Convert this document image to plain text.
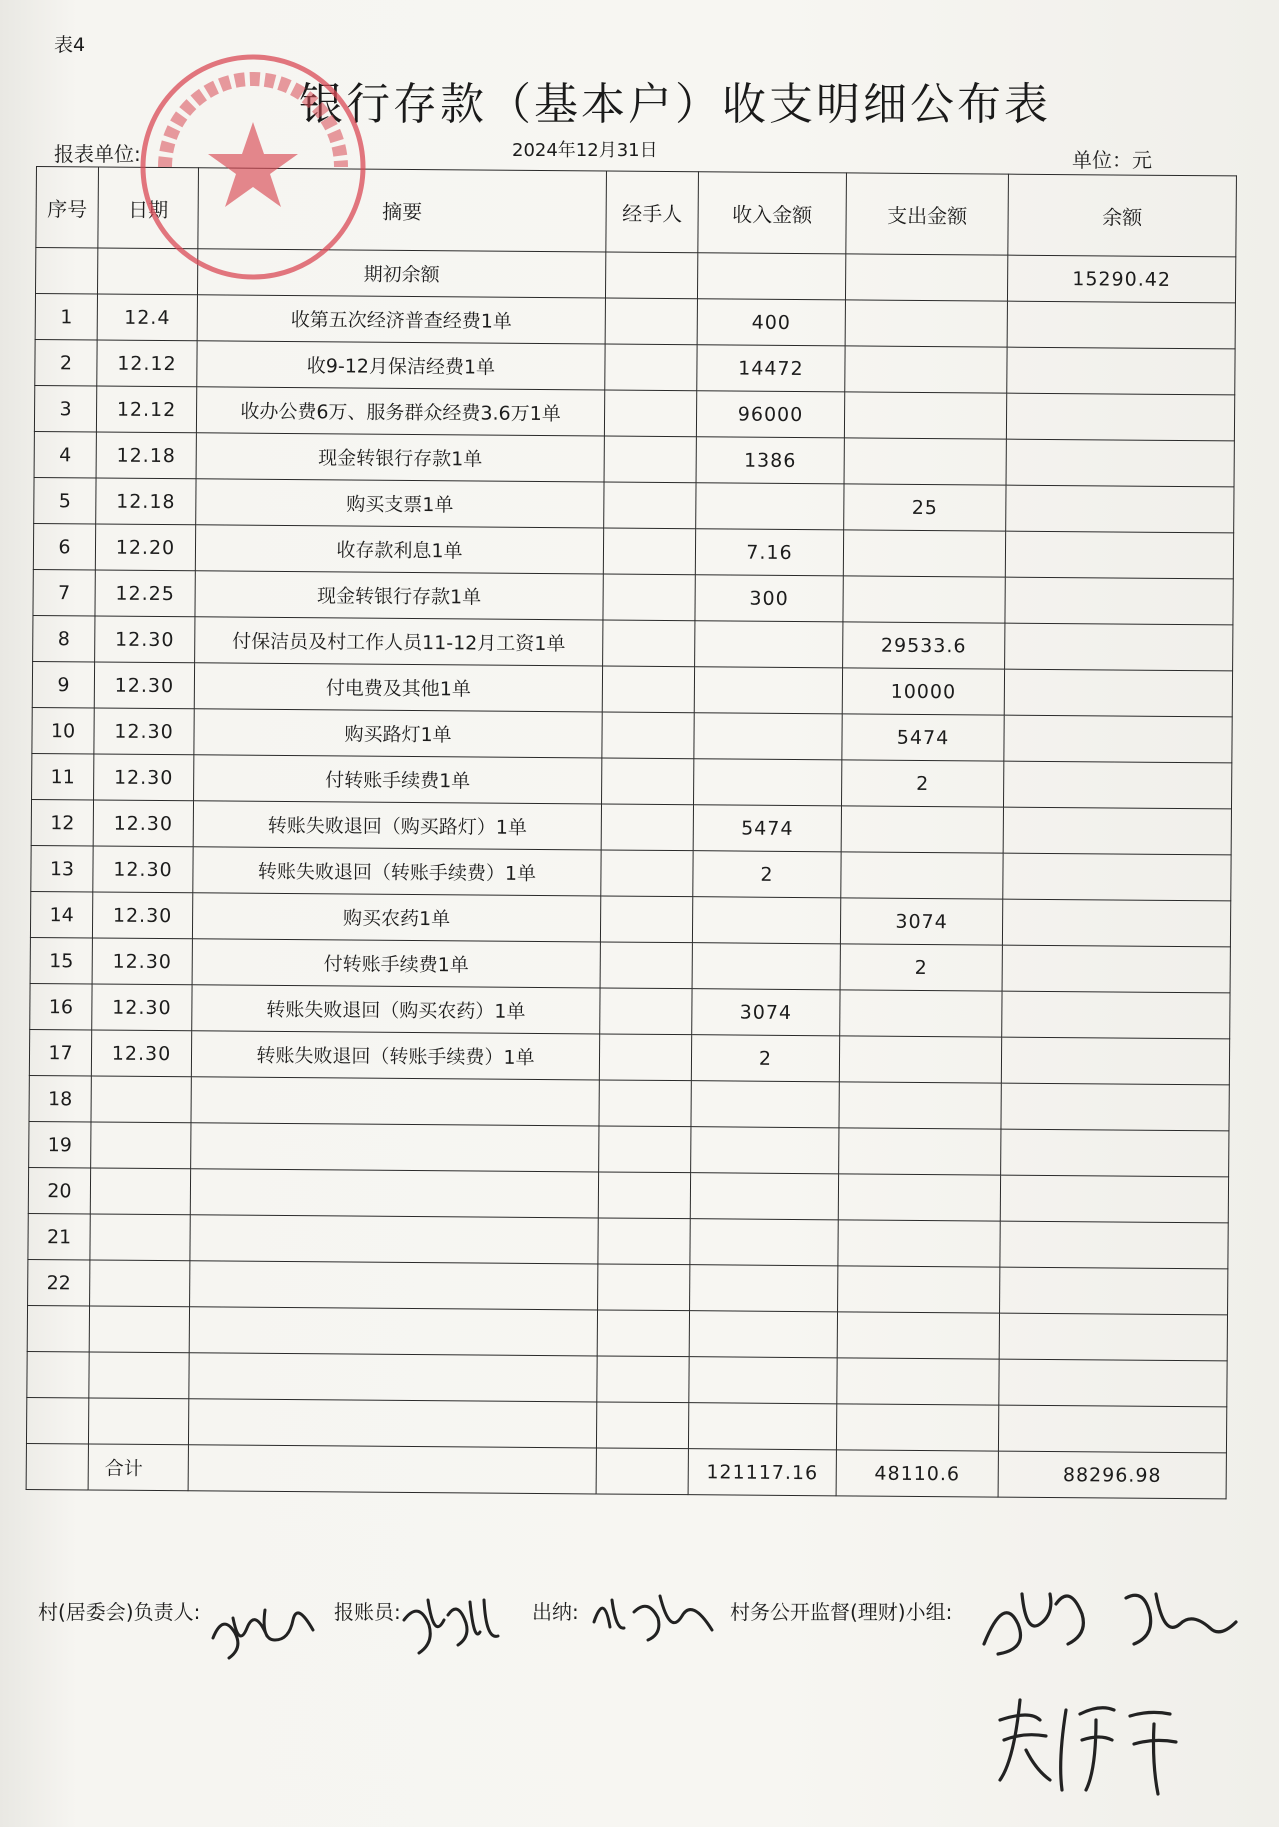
表4
银行存款（基本户）收支明细公布表
报表单位:	2024年12月31日	单位：元
序号	日期	摘要	经手人	收入金额	支出金额	余额
		期初余额				15290.42
1	12.4	收第五次经济普查经费1单		400		
2	12.12	收9-12月保洁经费1单		14472		
3	12.12	收办公费6万、服务群众经费3.6万1单		96000		
4	12.18	现金转银行存款1单		1386		
5	12.18	购买支票1单			25	
6	12.20	收存款利息1单		7.16		
7	12.25	现金转银行存款1单		300		
8	12.30	付保洁员及村工作人员11-12月工资1单			29533.6	
9	12.30	付电费及其他1单			10000	
10	12.30	购买路灯1单			5474	
11	12.30	付转账手续费1单			2	
12	12.30	转账失败退回（购买路灯）1单		5474		
13	12.30	转账失败退回（转账手续费）1单		2		
14	12.30	购买农药1单			3074	
15	12.30	付转账手续费1单			2	
16	12.30	转账失败退回（购买农药）1单		3074		
17	12.30	转账失败退回（转账手续费）1单		2		
18						
19						
20						
21						
22						

	合计			121117.16	48110.6	88296.98
村(居委会)负责人:	报账员:	出纳:	村务公开监督(理财)小组:
